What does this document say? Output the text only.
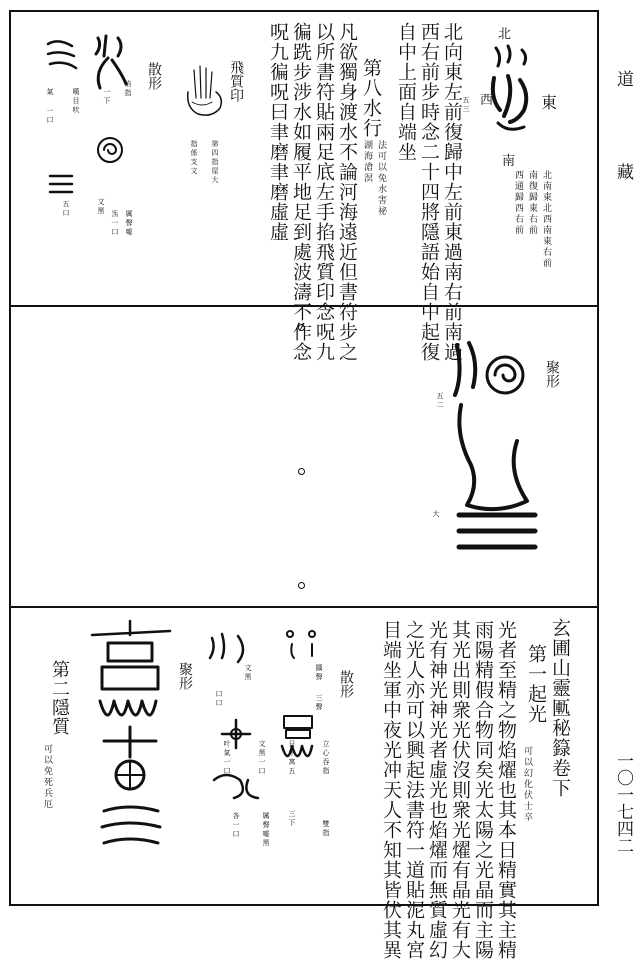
道 藏
一〇一七四二
北
東
西
南
五三
北南東北西南東右前
南復歸東右前
西通歸西右前
北向東左前復歸中左前東過南右前南過
西右前步時念二十四將隱語始自中起復
自中上面自端坐
第八水行
法可以免水害祕
湖海滄溟
凡欲獨身渡水不論河海遠近但書符步之
以所書符貼兩足底左手掐飛質印念呪九
徧跣步涉水如履平地足到處波濤不作念
呪九徧呪曰聿磨聿磨虛虛
飛質印
第四指屋大
指係支文
散形
嘆目吠
氣 一口
五口	文黑
厲聲嘘
炁一口
一下 焰指
聚形
五二
大
玄圃山靈匭秘籙卷下
第一起光
可以幻化伏士卒
光者至精之物焰燿也其本日精實其主精
雨陽精假合物同矣光太陽之光晶而主陽
其光出則衆光伏沒則衆光燿有晶光有大
光有神光神光者虛光也焰燿而無質虛幻
之光人亦可以興起法書符一道貼泥丸宮
目端坐軍中夜光冲天人不知其皆伏其異
散形
攝聲
三聲
立心吞指
日中寓五
三下
雙指
文黑
口口
叶氣一口	文黑一口
各一口	厲聲嘘黑
聚形
第二隱質
可以免死兵厄
